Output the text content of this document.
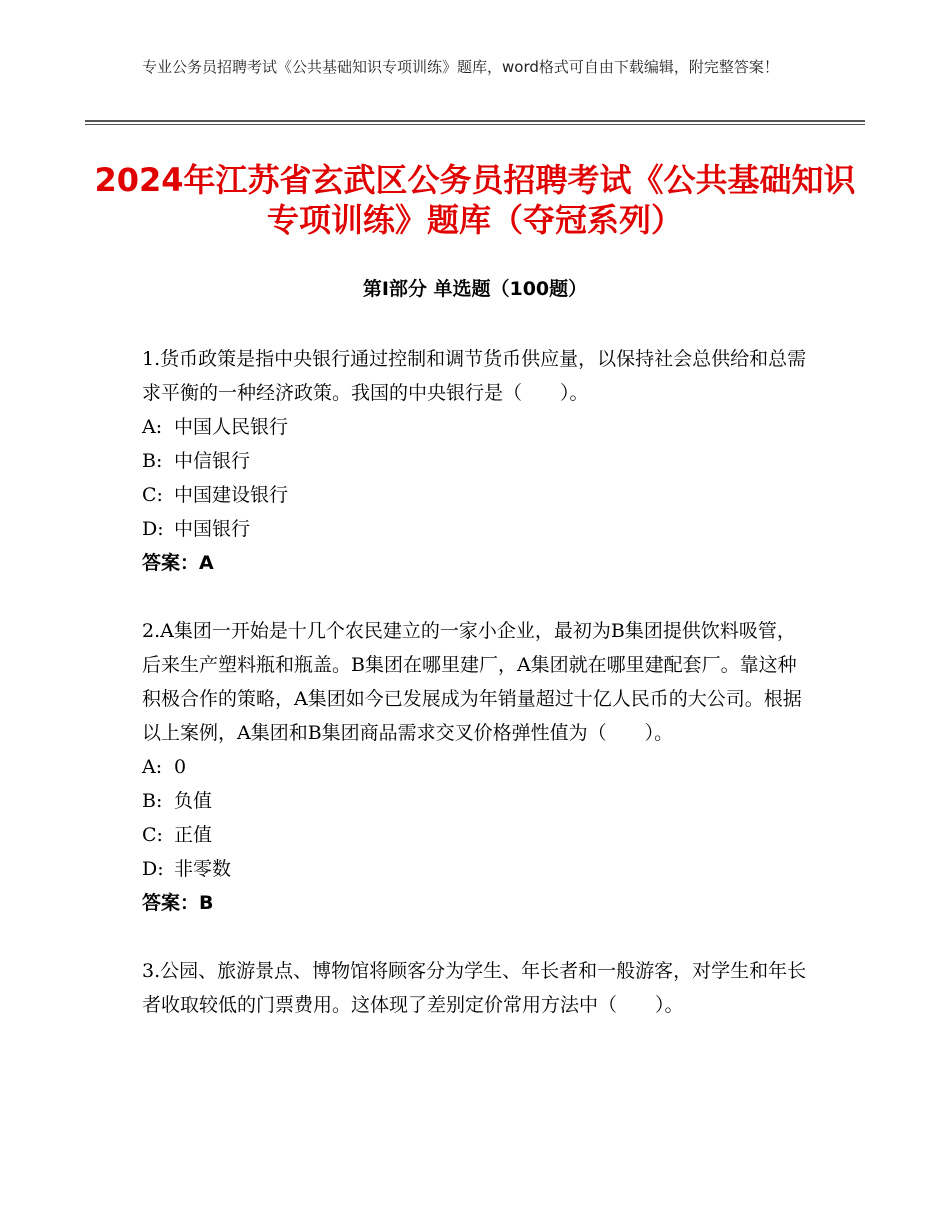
专业公务员招聘考试《公共基础知识专项训练》题库，word格式可自由下载编辑，附完整答案！
2024年江苏省玄武区公务员招聘考试《公共基础知识专项训练》题库（夺冠系列）
第Ⅰ部分 单选题（100题）
1.货币政策是指中央银行通过控制和调节货币供应量，以保持社会总供给和总需求平衡的一种经济政策。我国的中央银行是（　　）。
A: 中国人民银行
B: 中信银行
C: 中国建设银行
D: 中国银行
答案：A
2.A集团一开始是十几个农民建立的一家小企业，最初为B集团提供饮料吸管，后来生产塑料瓶和瓶盖。B集团在哪里建厂，A集团就在哪里建配套厂。靠这种积极合作的策略，A集团如今已发展成为年销量超过十亿人民币的大公司。根据以上案例，A集团和B集团商品需求交叉价格弹性值为（　　）。
A: 0
B: 负值
C: 正值
D: 非零数
答案：B
3.公园、旅游景点、博物馆将顾客分为学生、年长者和一般游客，对学生和年长者收取较低的门票费用。这体现了差别定价常用方法中（　　）。
